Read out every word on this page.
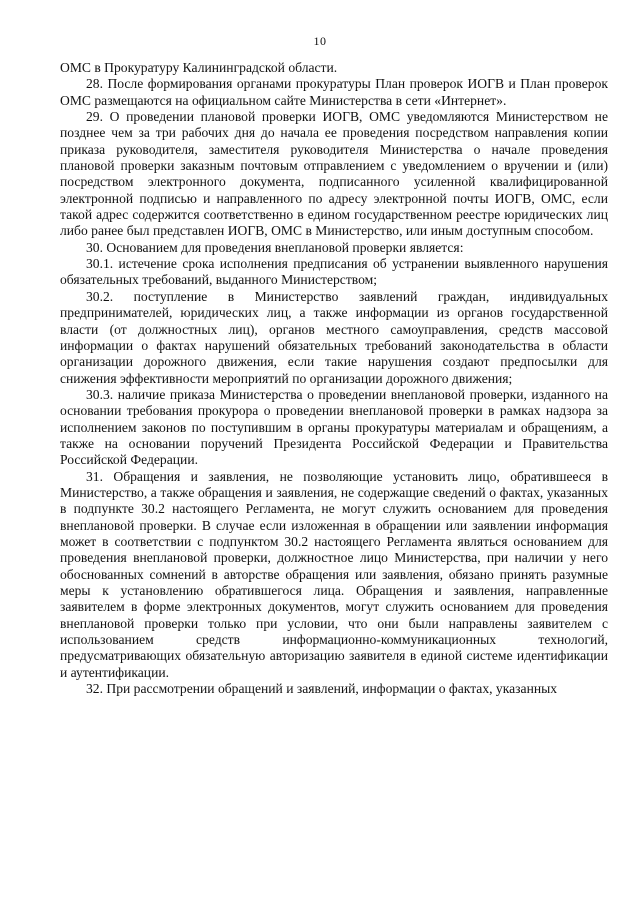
10

ОМС в Прокуратуру Калининградской области.

28. После формирования органами прокуратуры План проверок ИОГВ и План проверок ОМС размещаются на официальном сайте Министерства в сети «Интернет».

29. О проведении плановой проверки ИОГВ, ОМС уведомляются Министерством не позднее чем за три рабочих дня до начала ее проведения посредством направления копии приказа руководителя, заместителя руководителя Министерства о начале проведения плановой проверки заказным почтовым отправлением с уведомлением о вручении и (или) посредством электронного документа, подписанного усиленной квалифицированной электронной подписью и направленного по адресу электронной почты ИОГВ, ОМС, если такой адрес содержится соответственно в едином государственном реестре юридических лиц либо ранее был представлен ИОГВ, ОМС в Министерство, или иным доступным способом.

30. Основанием для проведения внеплановой проверки является:

30.1. истечение срока исполнения предписания об устранении выявленного нарушения обязательных требований, выданного Министерством;

30.2. поступление в Министерство заявлений граждан, индивидуальных предпринимателей, юридических лиц, а также информации из органов государственной власти (от должностных лиц), органов местного самоуправления, средств массовой информации о фактах нарушений обязательных требований законодательства в области организации дорожного движения, если такие нарушения создают предпосылки для снижения эффективности мероприятий по организации дорожного движения;

30.3. наличие приказа Министерства о проведении внеплановой проверки, изданного на основании требования прокурора о проведении внеплановой проверки в рамках надзора за исполнением законов по поступившим в органы прокуратуры материалам и обращениям, а также на основании поручений Президента Российской Федерации и Правительства Российской Федерации.

31. Обращения и заявления, не позволяющие установить лицо, обратившееся в Министерство, а также обращения и заявления, не содержащие сведений о фактах, указанных в подпункте 30.2 настоящего Регламента, не могут служить основанием для проведения внеплановой проверки. В случае если изложенная в обращении или заявлении информация может в соответствии с подпунктом 30.2 настоящего Регламента являться основанием для проведения внеплановой проверки, должностное лицо Министерства, при наличии у него обоснованных сомнений в авторстве обращения или заявления, обязано принять разумные меры к установлению обратившегося лица. Обращения и заявления, направленные заявителем в форме электронных документов, могут служить основанием для проведения внеплановой проверки только при условии, что они были направлены заявителем с использованием средств информационно-коммуникационных технологий, предусматривающих обязательную авторизацию заявителя в единой системе идентификации и аутентификации.

32. При рассмотрении обращений и заявлений, информации о фактах, указанных
